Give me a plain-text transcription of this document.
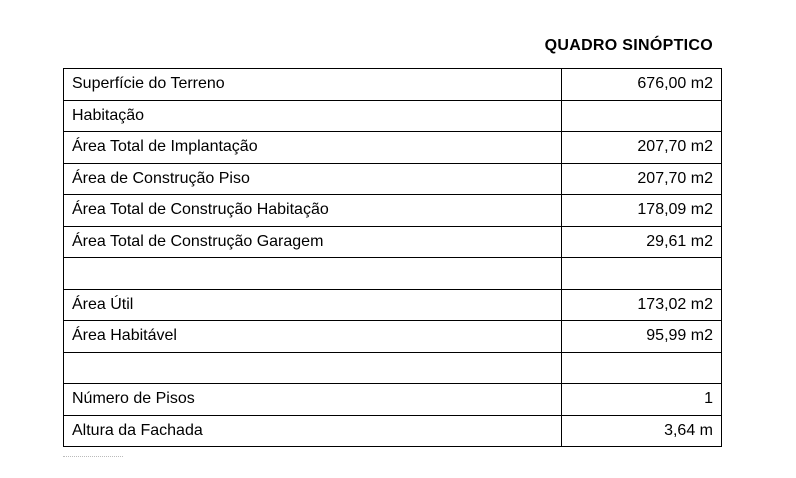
QUADRO SINÓPTICO
Superfície do Terreno	676,00 m2
Habitação	
Área Total de Implantação	207,70 m2
Área de Construção Piso	207,70 m2
Área Total de Construção Habitação	178,09 m2
Área Total de Construção Garagem	29,61 m2

Área Útil	173,02 m2
Área Habitável	95,99 m2

Número de Pisos	1
Altura da Fachada	3,64 m
